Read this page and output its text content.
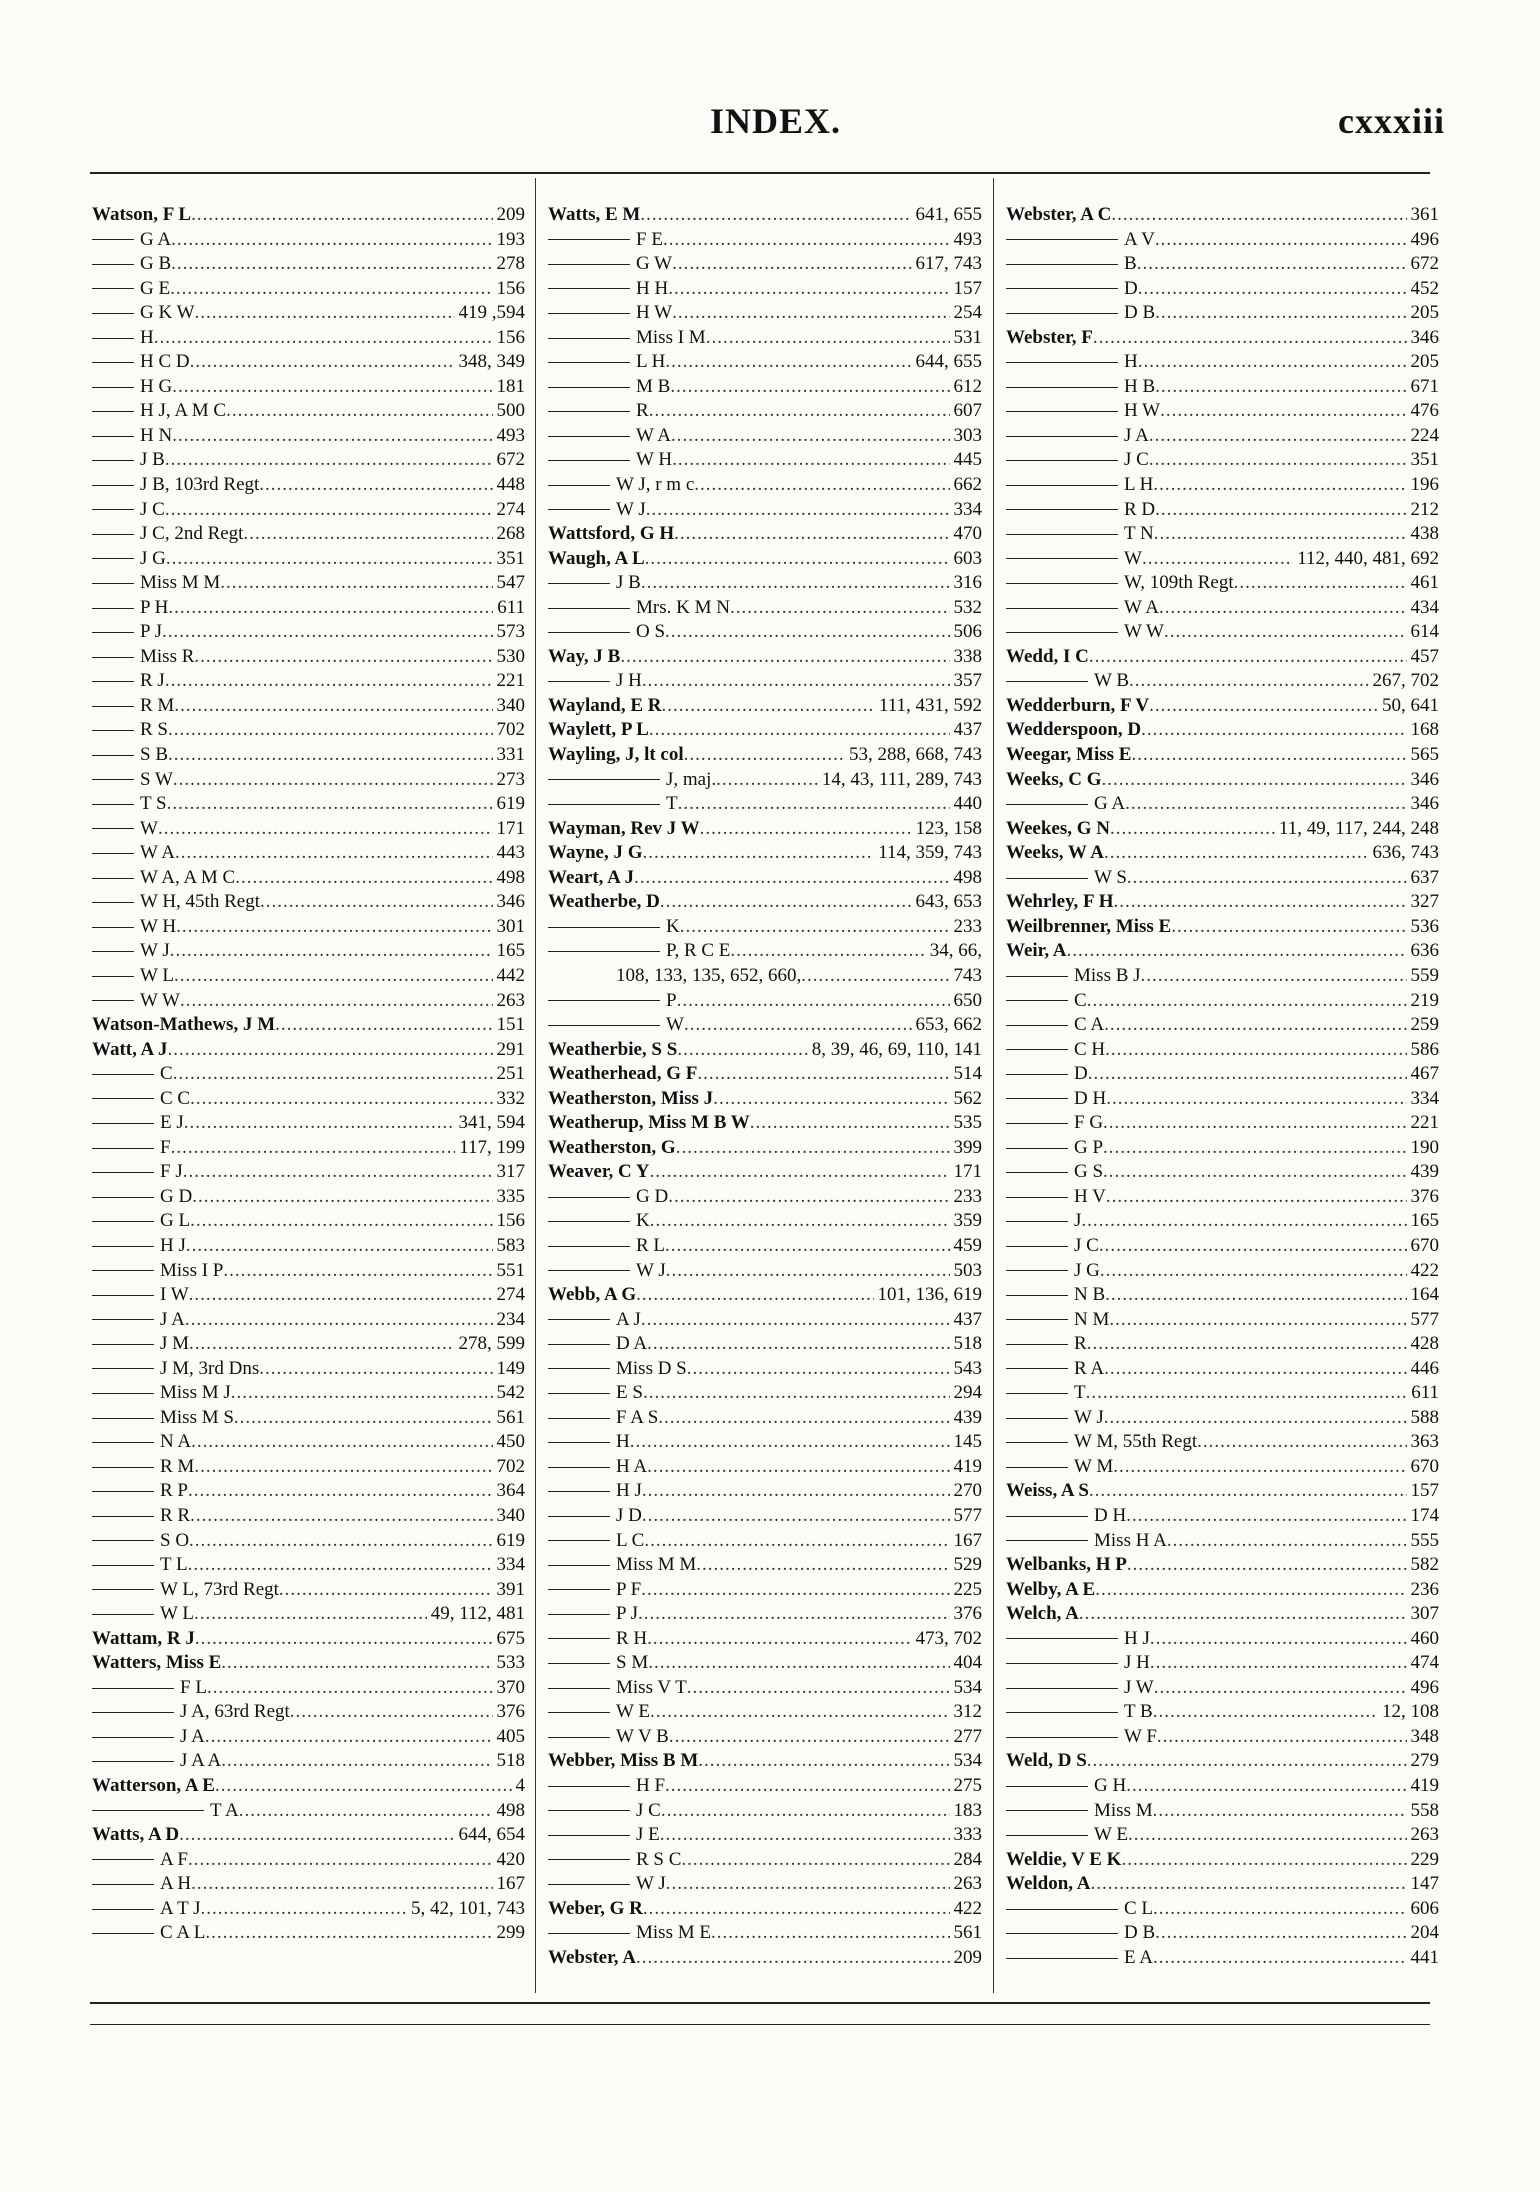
INDEX.	cxxxiii
Watson, F L .....	209
G A .....	193
G B .....	278
G E .....	156
G K W .....	419 ,594
H .....	156
H C D .....	348, 349
H G .....	181
H J, A M C .....	500
H N .....	493
J B .....	672
J B, 103rd Regt .....	448
J C .....	274
J C, 2nd Regt .....	268
J G .....	351
Miss M M .....	547
P H .....	611
P J .....	573
Miss R .....	530
R J .....	221
R M .....	340
R S .....	702
S B .....	331
S W .....	273
T S .....	619
W .....	171
W A .....	443
W A, A M C .....	498
W H, 45th Regt .....	346
W H .....	301
W J .....	165
W L .....	442
W W .....	263
Watson-Mathews, J M .....	151
Watt, A J .....	291
C .....	251
C C .....	332
E J .....	341, 594
F .....	117, 199
F J .....	317
G D .....	335
G L .....	156
H J .....	583
Miss I P .....	551
I W .....	274
J A .....	234
J M .....	278, 599
J M, 3rd Dns .....	149
Miss M J .....	542
Miss M S .....	561
N A .....	450
R M .....	702
R P .....	364
R R .....	340
S O .....	619
T L .....	334
W L, 73rd Regt .....	391
W L .....	49, 112, 481
Wattam, R J .....	675
Watters, Miss E .....	533
F L .....	370
J A, 63rd Regt .....	376
J A .....	405
J A A .....	518
Watterson, A E .....	4
T A .....	498
Watts, A D .....	644, 654
A F .....	420
A H .....	167
A T J .....	5, 42, 101, 743
C A L .....	299
Watts, E M .....	641, 655
F E .....	493
G W .....	617, 743
H H .....	157
H W .....	254
Miss I M .....	531
L H .....	644, 655
M B .....	612
R .....	607
W A .....	303
W H .....	445
W J, r m c .....	662
W J .....	334
Wattsford, G H .....	470
Waugh, A L .....	603
J B .....	316
Mrs. K M N .....	532
O S .....	506
Way, J B .....	338
J H .....	357
Wayland, E R .....	111, 431, 592
Waylett, P L .....	437
Wayling, J, lt col .....	53, 288, 668, 743
J, maj. .....	14, 43, 111, 289, 743
T .....	440
Wayman, Rev J W .....	123, 158
Wayne, J G .....	114, 359, 743
Weart, A J .....	498
Weatherbe, D .....	643, 653
K .....	233
P, R C E .....	34, 66,
108, 133, 135, 652, 660, .....	743
P .....	650
W .....	653, 662
Weatherbie, S S .....	8, 39, 46, 69, 110, 141
Weatherhead, G F .....	514
Weatherston, Miss J .....	562
Weatherup, Miss M B W .....	535
Weatherston, G .....	399
Weaver, C Y .....	171
G D .....	233
K .....	359
R L .....	459
W J .....	503
Webb, A G .....	101, 136, 619
A J .....	437
D A .....	518
Miss D S .....	543
E S .....	294
F A S .....	439
H .....	145
H A .....	419
H J .....	270
J D .....	577
L C .....	167
Miss M M .....	529
P F .....	225
P J .....	376
R H .....	473, 702
S M .....	404
Miss V T .....	534
W E .....	312
W V B .....	277
Webber, Miss B M .....	534
H F .....	275
J C .....	183
J E .....	333
R S C .....	284
W J .....	263
Weber, G R .....	422
Miss M E .....	561
Webster, A .....	209
Webster, A C .....	361
A V .....	496
B .....	672
D .....	452
D B .....	205
Webster, F .....	346
H .....	205
H B .....	671
H W .....	476
J A .....	224
J C .....	351
L H .....	196
R D .....	212
T N .....	438
W .....	112, 440, 481, 692
W, 109th Regt .....	461
W A .....	434
W W .....	614
Wedd, I C .....	457
W B .....	267, 702
Wedderburn, F V .....	50, 641
Wedderspoon, D .....	168
Weegar, Miss E .....	565
Weeks, C G .....	346
G A .....	346
Weekes, G N .....	11, 49, 117, 244, 248
Weeks, W A .....	636, 743
W S .....	637
Wehrley, F H .....	327
Weilbrenner, Miss E .....	536
Weir, A .....	636
Miss B J .....	559
C .....	219
C A .....	259
C H .....	586
D .....	467
D H .....	334
F G .....	221
G P .....	190
G S .....	439
H V .....	376
J .....	165
J C .....	670
J G .....	422
N B .....	164
N M .....	577
R .....	428
R A .....	446
T .....	611
W J .....	588
W M, 55th Regt .....	363
W M .....	670
Weiss, A S .....	157
D H .....	174
Miss H A .....	555
Welbanks, H P .....	582
Welby, A E .....	236
Welch, A .....	307
H J .....	460
J H .....	474
J W .....	496
T B .....	12, 108
W F .....	348
Weld, D S .....	279
G H .....	419
Miss M .....	558
W E .....	263
Weldie, V E K .....	229
Weldon, A .....	147
C L .....	606
D B .....	204
E A .....	441
